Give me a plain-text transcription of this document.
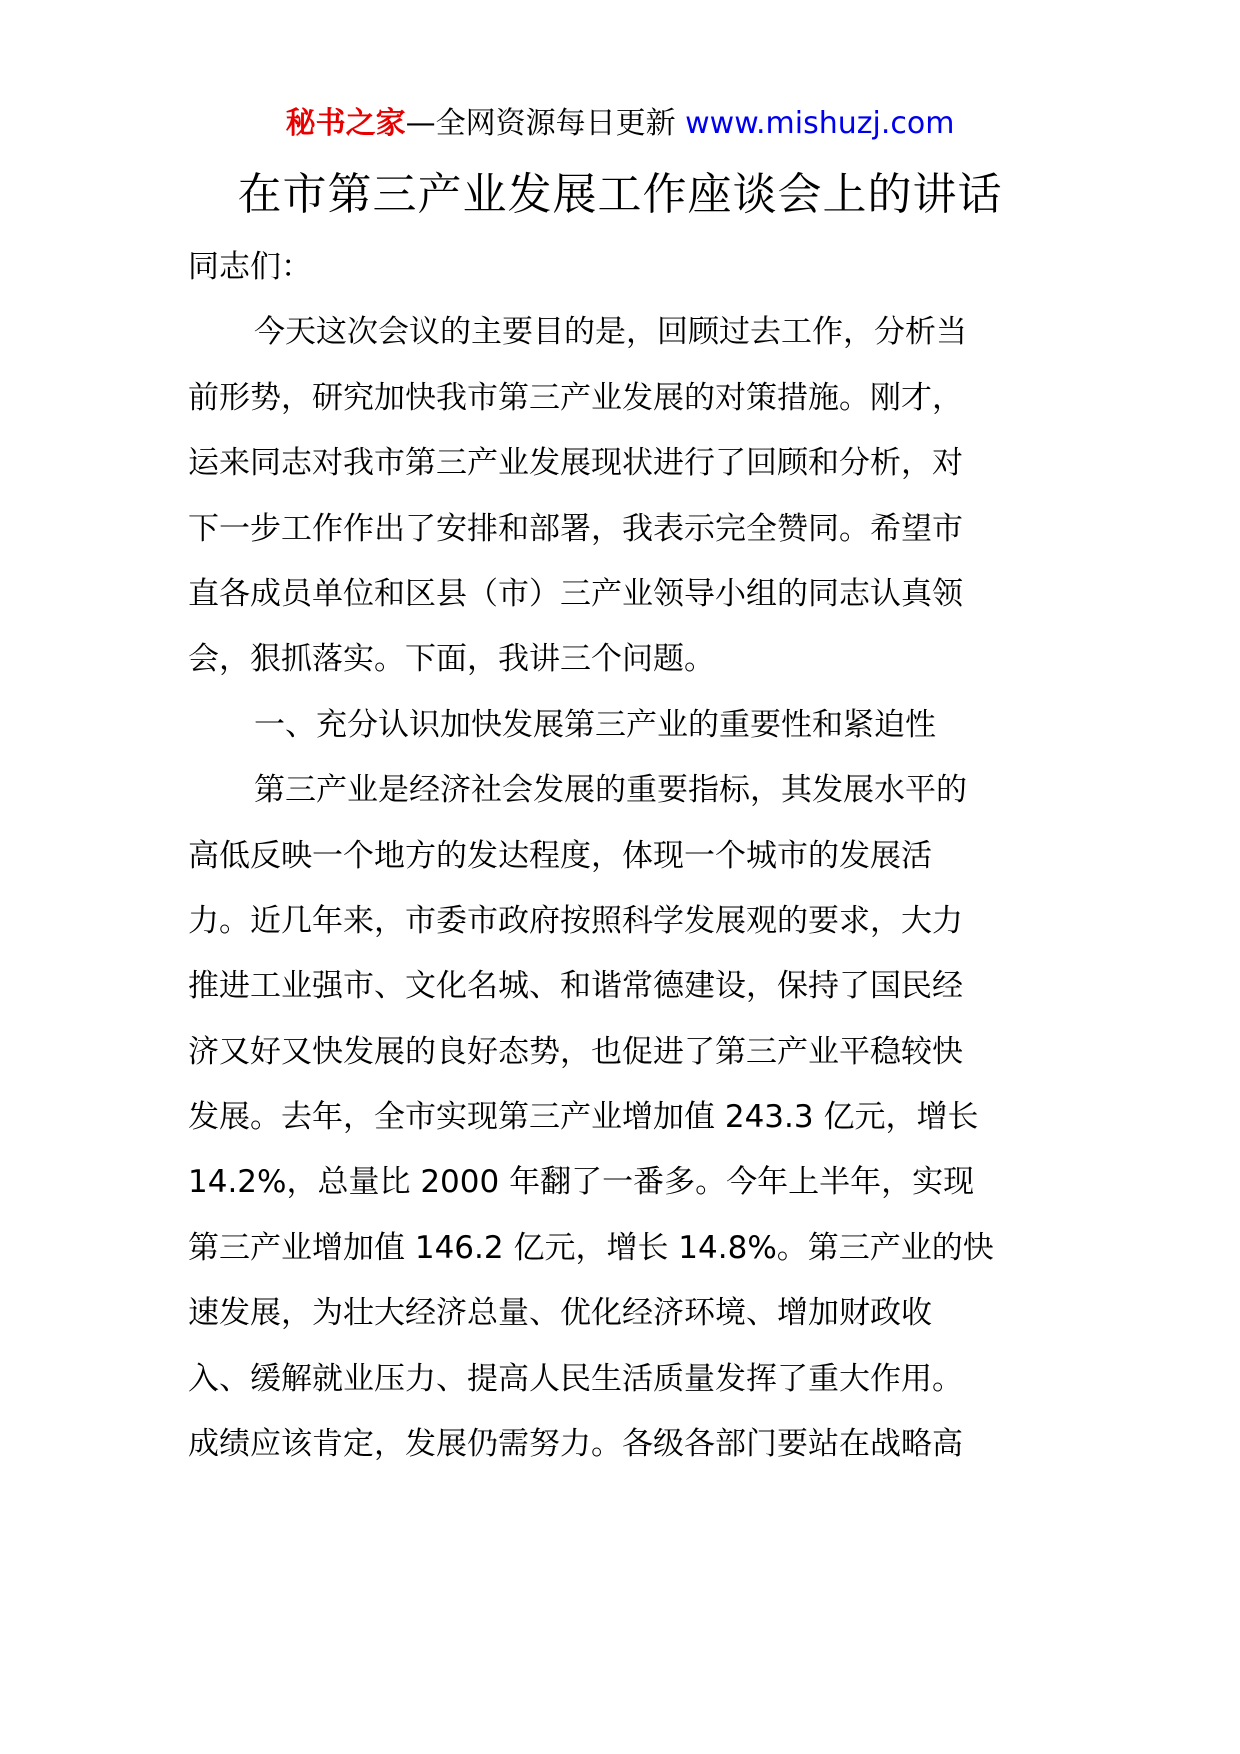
秘书之家—全网资源每日更新 www.mishuzj.com
在市第三产业发展工作座谈会上的讲话
同志们：
今天这次会议的主要目的是，回顾过去工作，分析当
前形势，研究加快我市第三产业发展的对策措施。刚才，
运来同志对我市第三产业发展现状进行了回顾和分析，对
下一步工作作出了安排和部署，我表示完全赞同。希望市
直各成员单位和区县（市）三产业领导小组的同志认真领
会，狠抓落实。下面，我讲三个问题。
一、充分认识加快发展第三产业的重要性和紧迫性
第三产业是经济社会发展的重要指标，其发展水平的
高低反映一个地方的发达程度，体现一个城市的发展活
力。近几年来，市委市政府按照科学发展观的要求，大力
推进工业强市、文化名城、和谐常德建设，保持了国民经
济又好又快发展的良好态势，也促进了第三产业平稳较快
发展。去年，全市实现第三产业增加值 243.3 亿元，增长
14.2%，总量比 2000 年翻了一番多。今年上半年，实现
第三产业增加值 146.2 亿元，增长 14.8%。第三产业的快
速发展，为壮大经济总量、优化经济环境、增加财政收
入、缓解就业压力、提高人民生活质量发挥了重大作用。
成绩应该肯定，发展仍需努力。各级各部门要站在战略高
